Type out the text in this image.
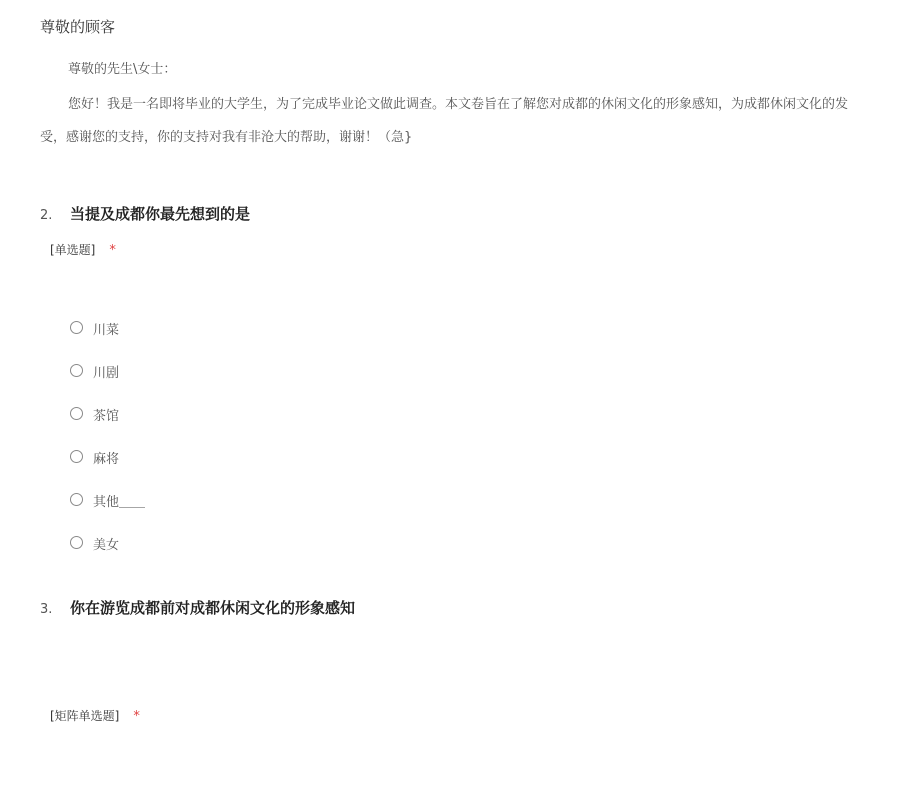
尊敬的顾客
尊敬的先生\女士：
您好！我是一名即将毕业的大学生，为了完成毕业论文做此调查。本文卷旨在了解您对成都的休闲文化的形象感知，为成都休闲文化的发
受，感谢您的支持，你的支持对我有非沧大的帮助，谢谢！（急}
2.	当提及成都你最先想到的是
[单选题] *
川菜
川剧
茶馆
麻将
其他＿＿
美女
3.	你在游览成都前对成都休闲文化的形象感知
[矩阵单选题] *
